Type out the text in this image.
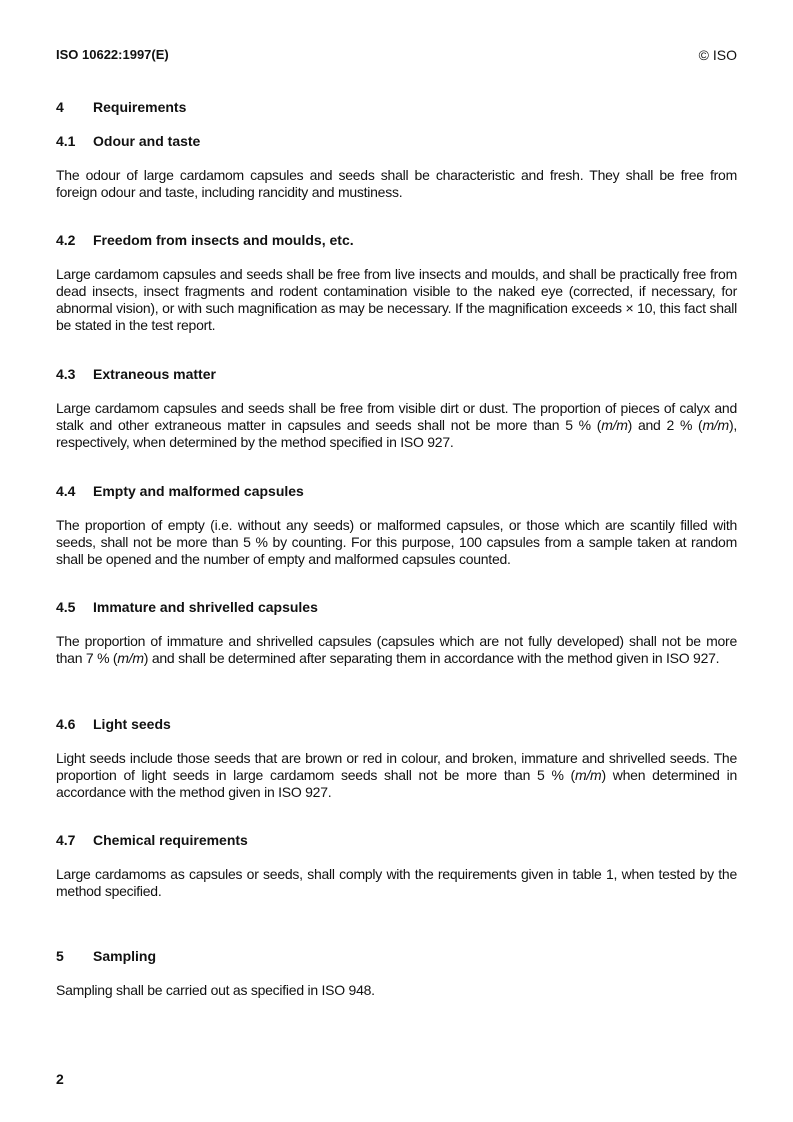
ISO 10622:1997(E)	© ISO
4 Requirements
4.1 Odour and taste
The odour of large cardamom capsules and seeds shall be characteristic and fresh. They shall be free from foreign odour and taste, including rancidity and mustiness.
4.2 Freedom from insects and moulds, etc.
Large cardamom capsules and seeds shall be free from live insects and moulds, and shall be practically free from dead insects, insect fragments and rodent contamination visible to the naked eye (corrected, if necessary, for abnormal vision), or with such magnification as may be necessary. If the magnification exceeds × 10, this fact shall be stated in the test report.
4.3 Extraneous matter
Large cardamom capsules and seeds shall be free from visible dirt or dust. The proportion of pieces of calyx and stalk and other extraneous matter in capsules and seeds shall not be more than 5 % (m/m) and 2 % (m/m), respectively, when determined by the method specified in ISO 927.
4.4 Empty and malformed capsules
The proportion of empty (i.e. without any seeds) or malformed capsules, or those which are scantily filled with seeds, shall not be more than 5 % by counting. For this purpose, 100 capsules from a sample taken at random shall be opened and the number of empty and malformed capsules counted.
4.5 Immature and shrivelled capsules
The proportion of immature and shrivelled capsules (capsules which are not fully developed) shall not be more than 7 % (m/m) and shall be determined after separating them in accordance with the method given in ISO 927.
4.6 Light seeds
Light seeds include those seeds that are brown or red in colour, and broken, immature and shrivelled seeds. The proportion of light seeds in large cardamom seeds shall not be more than 5 % (m/m) when determined in accordance with the method given in ISO 927.
4.7 Chemical requirements
Large cardamoms as capsules or seeds, shall comply with the requirements given in table 1, when tested by the method specified.
5 Sampling
Sampling shall be carried out as specified in ISO 948.
2
